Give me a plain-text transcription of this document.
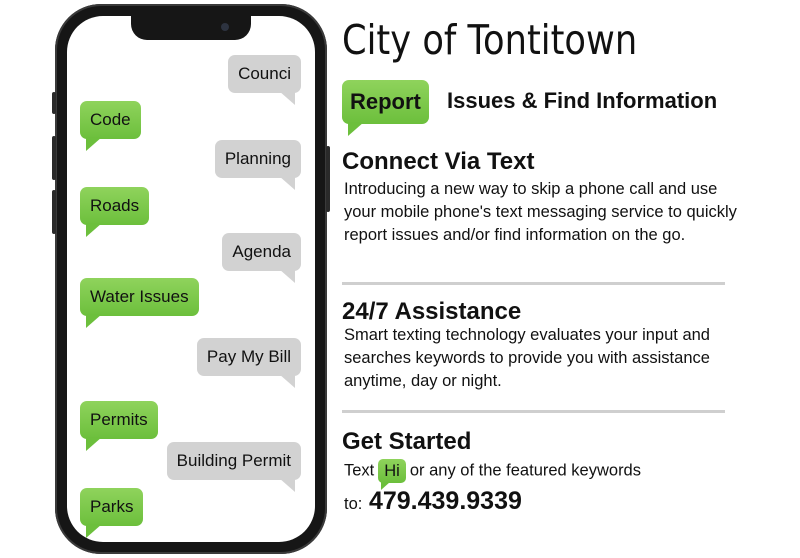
Counci
Code
Planning
Roads
Agenda
Water Issues
Pay My Bill
Permits
Building Permit
Parks
City of Tontitown
Report	Issues & Find Information
Connect Via Text
Introducing a new way to skip a phone call and use your mobile phone's text messaging service to quickly report issues and/or find information on the go.
24/7 Assistance
Smart texting technology evaluates your input and searches keywords to provide you with assistance anytime, day or night.
Get Started
Text Hi or any of the featured keywords
to: 479.439.9339
